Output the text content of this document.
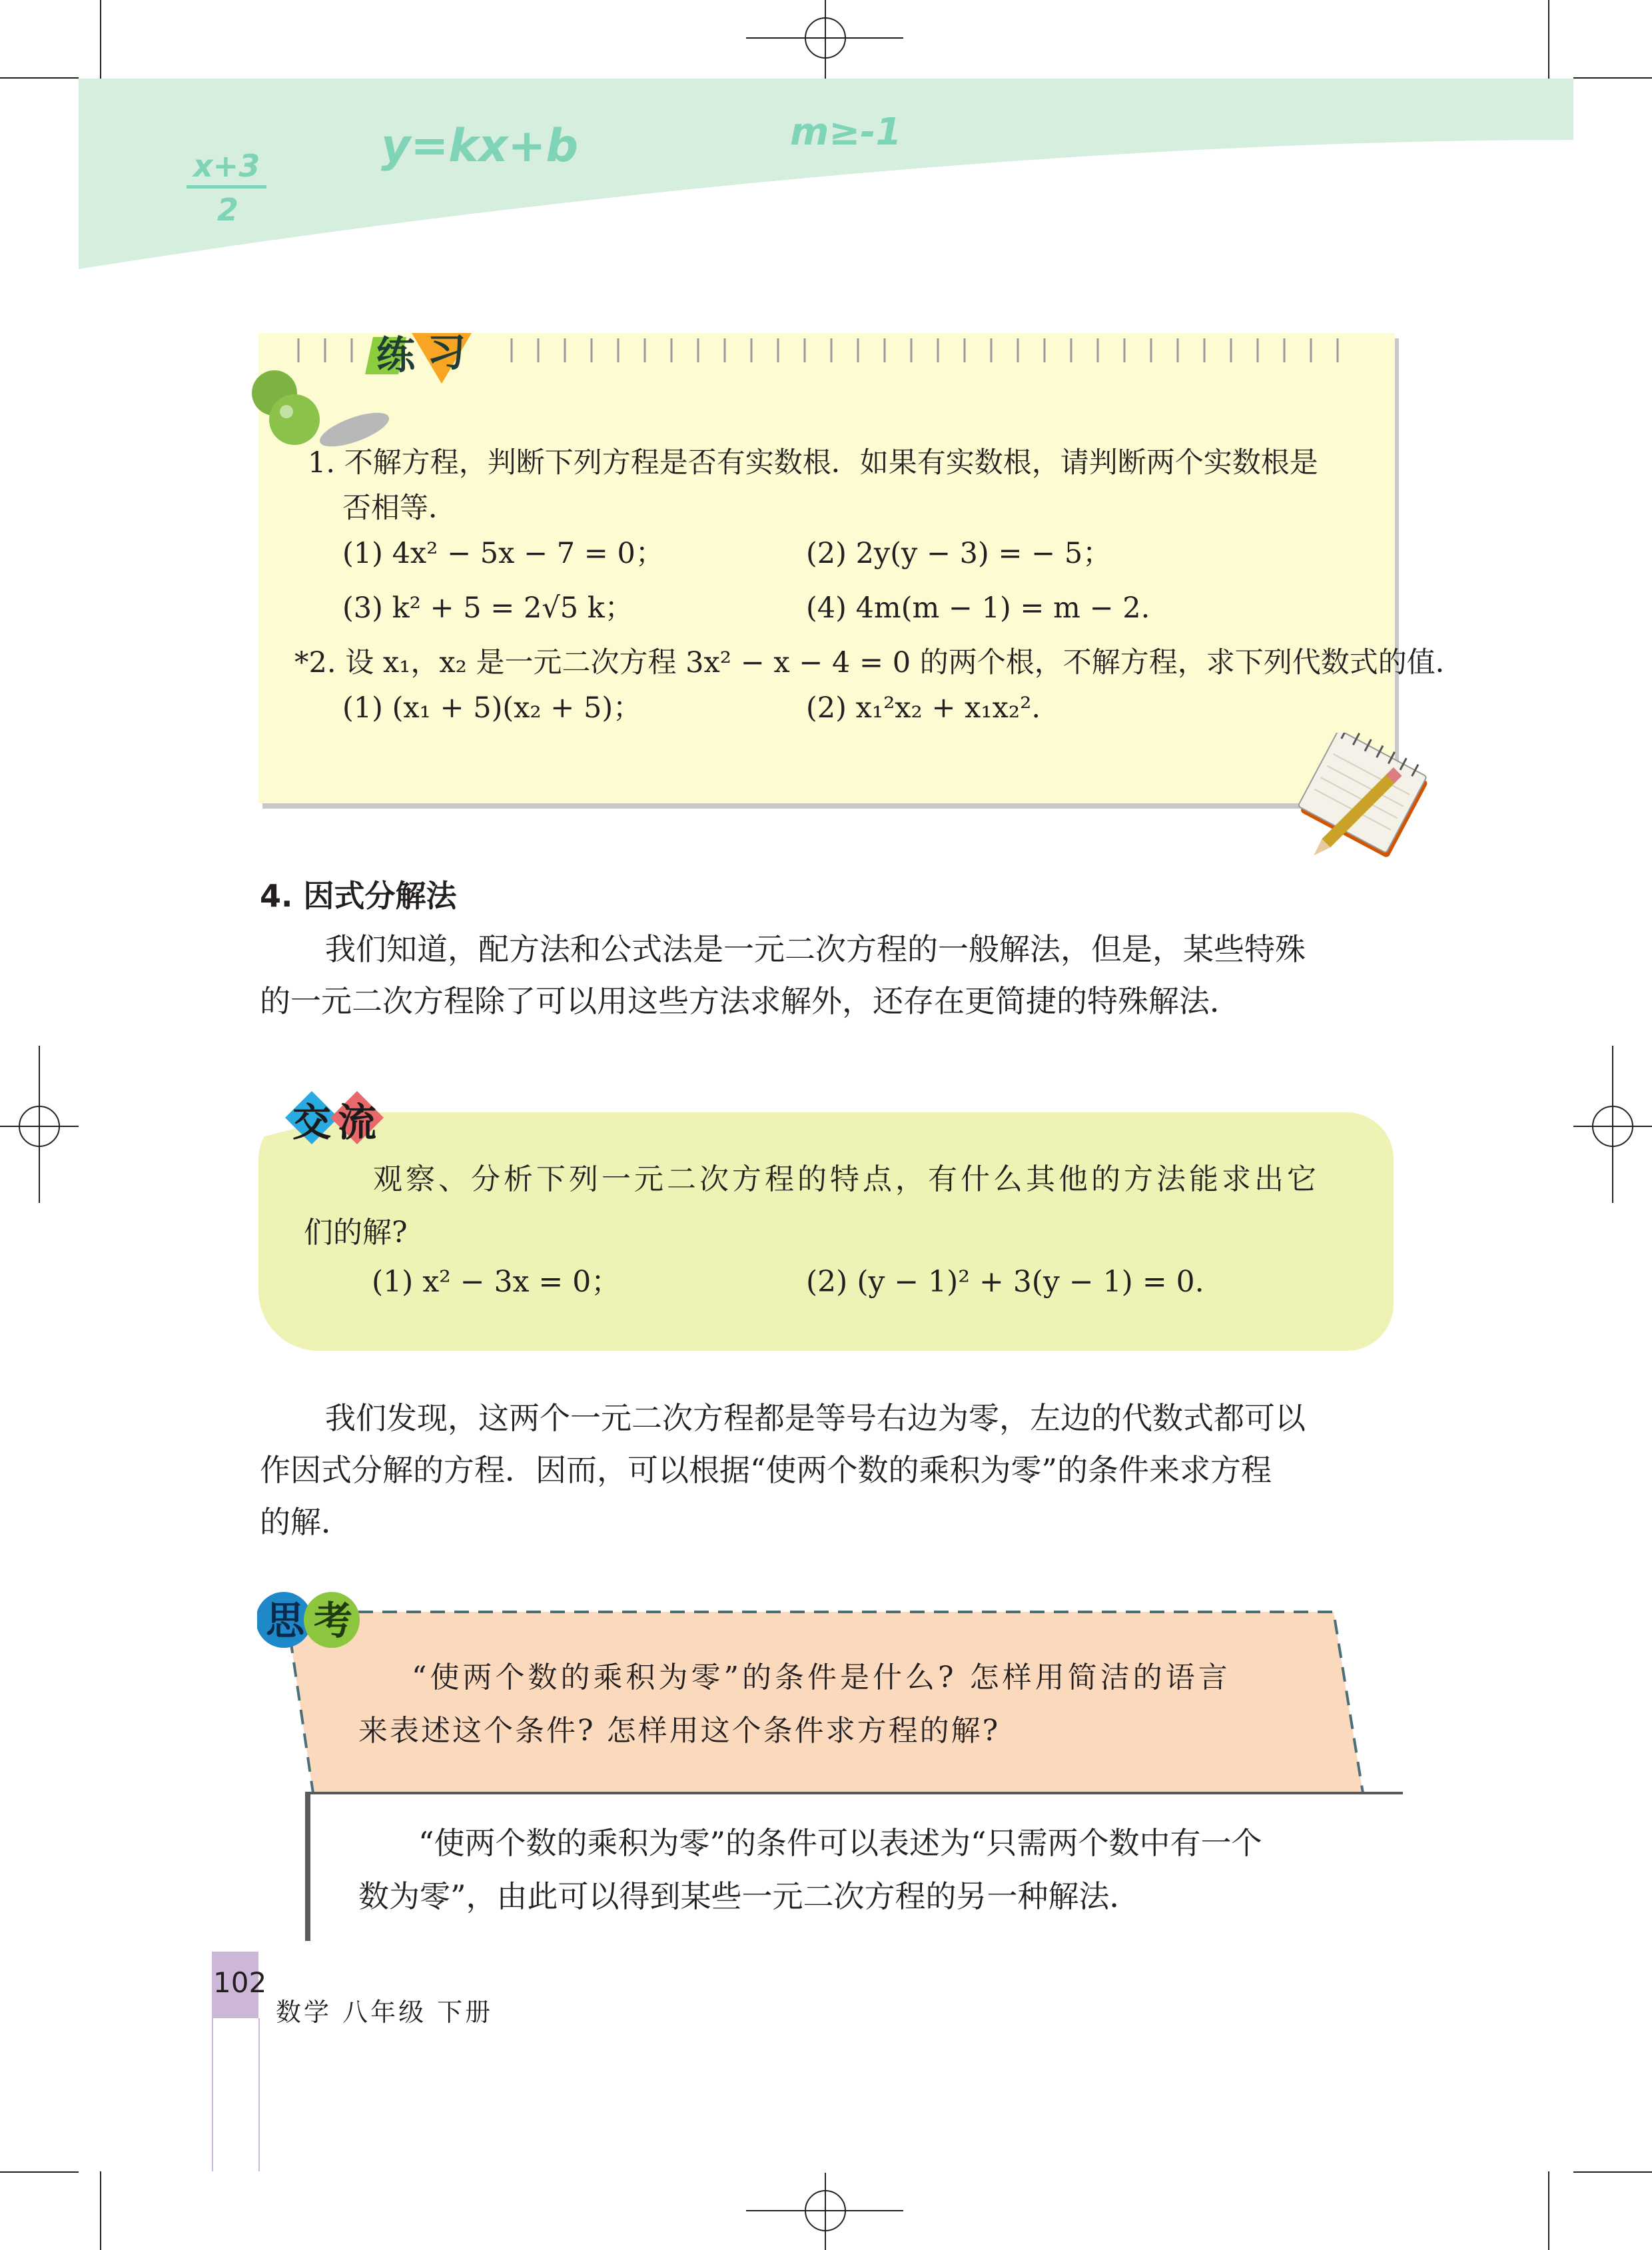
x+3
2
y=kx+b	m≥-1
练 习
1. 不解方程，判断下列方程是否有实数根．如果有实数根，请判断两个实数根是
否相等．
(1) 4x² − 5x − 7 = 0；	(2) 2y(y − 3) = − 5；
(3) k² + 5 = 2√5 k；	(4) 4m(m − 1) = m − 2.
*2. 设 x₁，x₂ 是一元二次方程 3x² − x − 4 = 0 的两个根，不解方程，求下列代数式的值．
(1) (x₁ + 5)(x₂ + 5)；	(2) x₁²x₂ + x₁x₂².
4. 因式分解法
我们知道，配方法和公式法是一元二次方程的一般解法，但是，某些特殊
的一元二次方程除了可以用这些方法求解外，还存在更简捷的特殊解法．
交 流
观察、分析下列一元二次方程的特点，有什么其他的方法能求出它
们的解?
(1) x² − 3x = 0；	(2) (y − 1)² + 3(y − 1) = 0.
我们发现，这两个一元二次方程都是等号右边为零，左边的代数式都可以
作因式分解的方程．因而，可以根据“使两个数的乘积为零”的条件来求方程
的解．
思 考
“使两个数的乘积为零”的条件是什么? 怎样用简洁的语言
来表述这个条件? 怎样用这个条件求方程的解?
“使两个数的乘积为零”的条件可以表述为“只需两个数中有一个
数为零”，由此可以得到某些一元二次方程的另一种解法．
102
数学 八年级 下册
